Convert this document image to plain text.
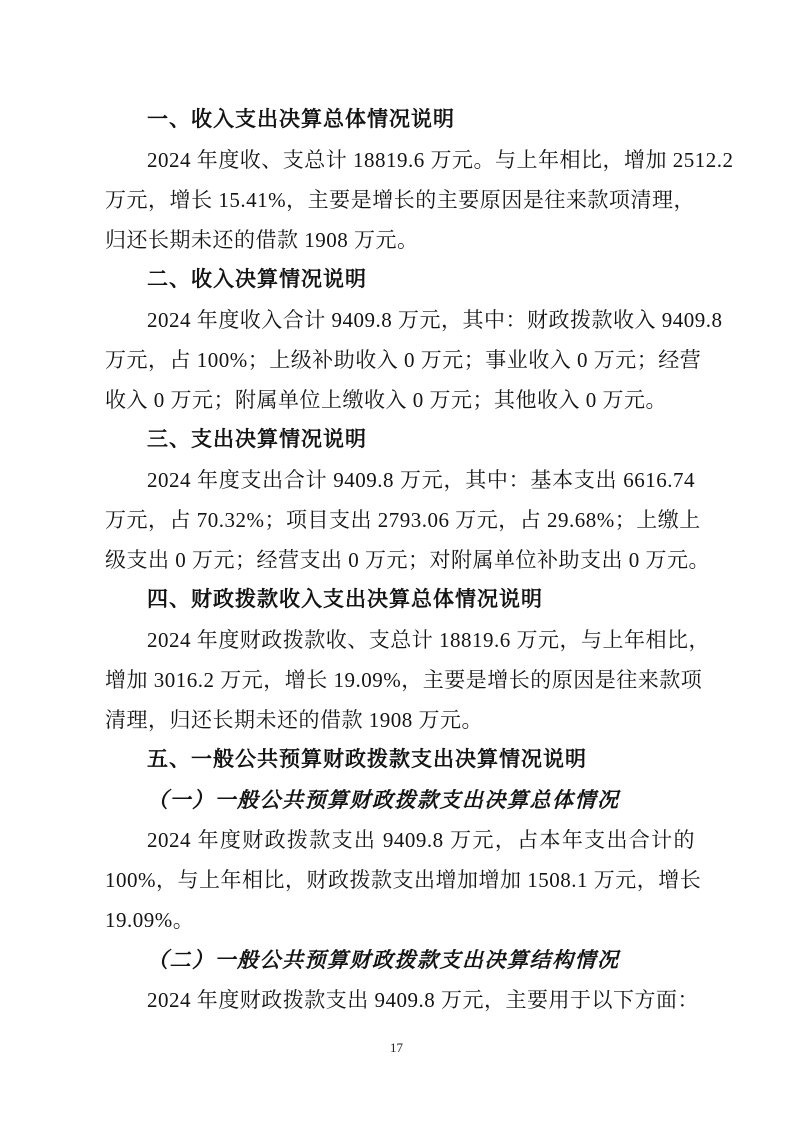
一、收入支出决算总体情况说明
2024 年度收、支总计 18819.6 万元。与上年相比，增加 2512.2
万元，增长 15.41%，主要是增长的主要原因是往来款项清理，
归还长期未还的借款 1908 万元。
二、收入决算情况说明
2024 年度收入合计 9409.8 万元，其中：财政拨款收入 9409.8
万元，占 100%；上级补助收入 0 万元；事业收入 0 万元；经营
收入 0 万元；附属单位上缴收入 0 万元；其他收入 0 万元。
三、支出决算情况说明
2024 年度支出合计 9409.8 万元，其中：基本支出 6616.74
万元，占 70.32%；项目支出 2793.06 万元，占 29.68%；上缴上
级支出 0 万元；经营支出 0 万元；对附属单位补助支出 0 万元。
四、财政拨款收入支出决算总体情况说明
2024 年度财政拨款收、支总计 18819.6 万元，与上年相比，
增加 3016.2 万元，增长 19.09%，主要是增长的原因是往来款项
清理，归还长期未还的借款 1908 万元。
五、一般公共预算财政拨款支出决算情况说明
（一）一般公共预算财政拨款支出决算总体情况
2024 年度财政拨款支出 9409.8 万元，占本年支出合计的
100%，与上年相比，财政拨款支出增加增加 1508.1 万元，增长
19.09%。
（二）一般公共预算财政拨款支出决算结构情况
2024 年度财政拨款支出 9409.8 万元，主要用于以下方面：
17
